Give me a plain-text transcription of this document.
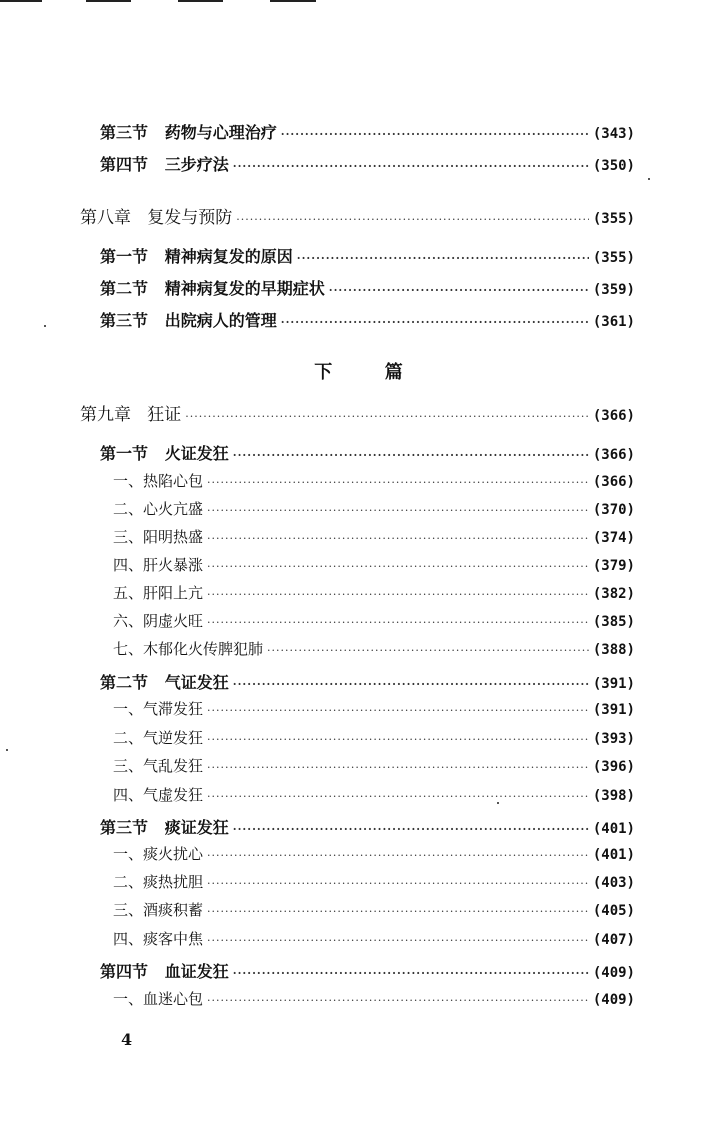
第三节 药物与心理治疗 ·····	(343)
第四节 三步疗法 ·····	(350)
第八章 复发与预防 ·····	(355)
第一节 精神病复发的原因 ·····	(355)
第二节 精神病复发的早期症状 ·····	(359)
第三节 出院病人的管理 ·····	(361)
下	篇
第九章 狂证 ·····	(366)
第一节 火证发狂 ·····	(366)
一、热陷心包 ·····	(366)
二、心火亢盛 ·····	(370)
三、阳明热盛 ·····	(374)
四、肝火暴涨 ·····	(379)
五、肝阳上亢 ·····	(382)
六、阴虚火旺 ·····	(385)
七、木郁化火传脾犯肺 ·····	(388)
第二节 气证发狂 ·····	(391)
一、气滞发狂 ·····	(391)
二、气逆发狂 ·····	(393)
三、气乱发狂 ·····	(396)
四、气虚发狂 ·····	(398)
第三节 痰证发狂 ·····	(401)
一、痰火扰心 ·····	(401)
二、痰热扰胆 ·····	(403)
三、酒痰积蓄 ·····	(405)
四、痰客中焦 ·····	(407)
第四节 血证发狂 ·····	(409)
一、血迷心包 ·····	(409)
4
